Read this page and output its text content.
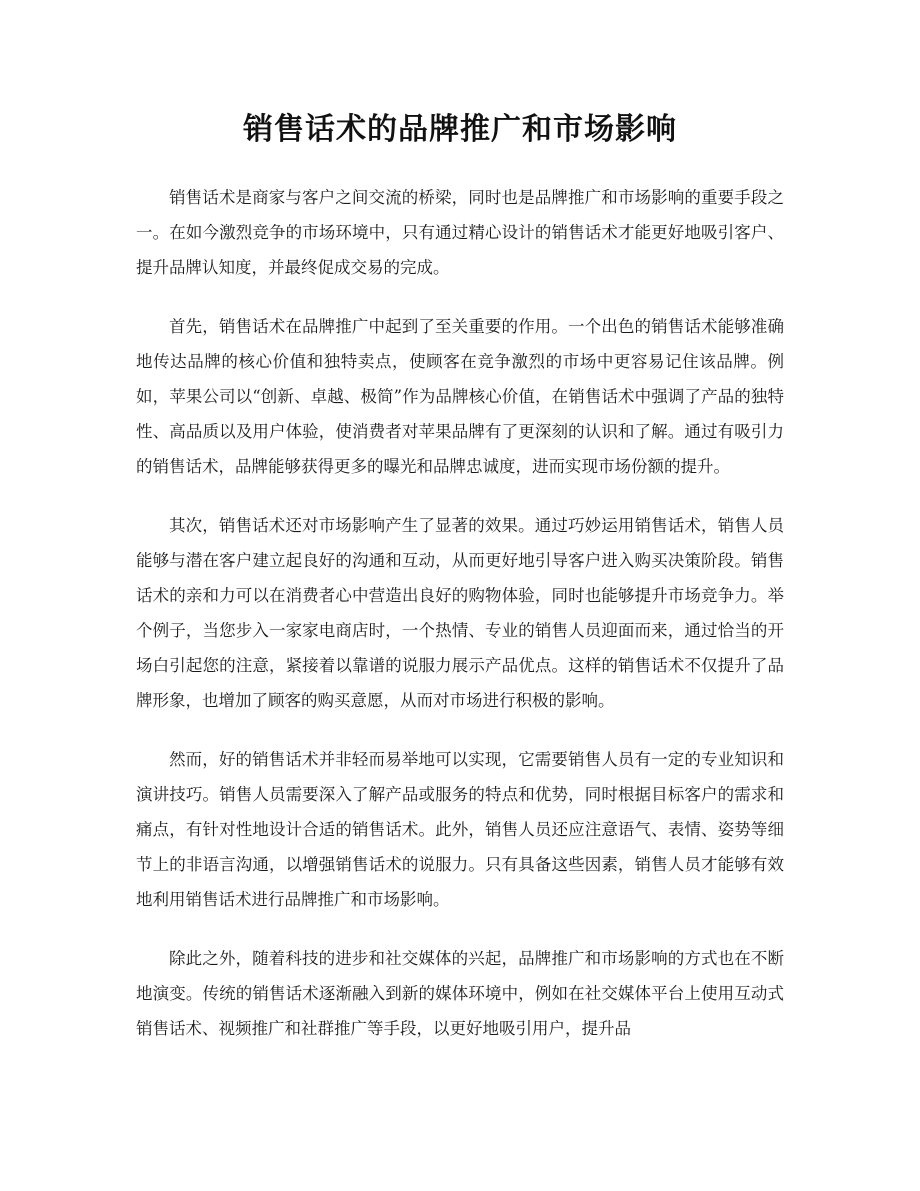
销售话术的品牌推广和市场影响

销售话术是商家与客户之间交流的桥梁，同时也是品牌推广和市场影响的重要手段之一。在如今激烈竞争的市场环境中，只有通过精心设计的销售话术才能更好地吸引客户、提升品牌认知度，并最终促成交易的完成。

首先，销售话术在品牌推广中起到了至关重要的作用。一个出色的销售话术能够准确地传达品牌的核心价值和独特卖点，使顾客在竞争激烈的市场中更容易记住该品牌。例如，苹果公司以“创新、卓越、极简”作为品牌核心价值，在销售话术中强调了产品的独特性、高品质以及用户体验，使消费者对苹果品牌有了更深刻的认识和了解。通过有吸引力的销售话术，品牌能够获得更多的曝光和品牌忠诚度，进而实现市场份额的提升。

其次，销售话术还对市场影响产生了显著的效果。通过巧妙运用销售话术，销售人员能够与潜在客户建立起良好的沟通和互动，从而更好地引导客户进入购买决策阶段。销售话术的亲和力可以在消费者心中营造出良好的购物体验，同时也能够提升市场竞争力。举个例子，当您步入一家家电商店时，一个热情、专业的销售人员迎面而来，通过恰当的开场白引起您的注意，紧接着以靠谱的说服力展示产品优点。这样的销售话术不仅提升了品牌形象，也增加了顾客的购买意愿，从而对市场进行积极的影响。

然而，好的销售话术并非轻而易举地可以实现，它需要销售人员有一定的专业知识和演讲技巧。销售人员需要深入了解产品或服务的特点和优势，同时根据目标客户的需求和痛点，有针对性地设计合适的销售话术。此外，销售人员还应注意语气、表情、姿势等细节上的非语言沟通，以增强销售话术的说服力。只有具备这些因素，销售人员才能够有效地利用销售话术进行品牌推广和市场影响。

除此之外，随着科技的进步和社交媒体的兴起，品牌推广和市场影响的方式也在不断地演变。传统的销售话术逐渐融入到新的媒体环境中，例如在社交媒体平台上使用互动式销售话术、视频推广和社群推广等手段，以更好地吸引用户，提升品
